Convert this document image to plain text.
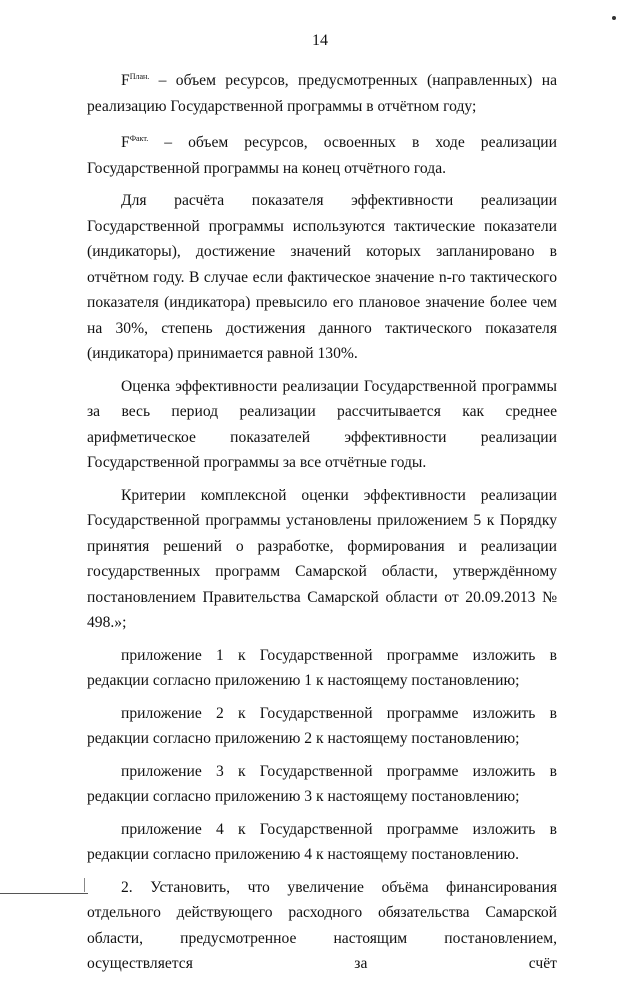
14

$F^{План.}$ – объем ресурсов, предусмотренных (направленных) на реализацию Государственной программы в отчётном году;

$F^{Факт.}$ – объем ресурсов, освоенных в ходе реализации Государственной программы на конец отчётного года.

Для расчёта показателя эффективности реализации Государственной программы используются тактические показатели (индикаторы), достижение значений которых запланировано в отчётном году. В случае если фактическое значение n-го тактического показателя (индикатора) превысило его плановое значение более чем на 30%, степень достижения данного тактического показателя (индикатора) принимается равной 130%.

Оценка эффективности реализации Государственной программы за весь период реализации рассчитывается как среднее арифметическое показателей эффективности реализации Государственной программы за все отчётные годы.

Критерии комплексной оценки эффективности реализации Государственной программы установлены приложением 5 к Порядку принятия решений о разработке, формирования и реализации государственных программ Самарской области, утверждённому постановлением Правительства Самарской области от 20.09.2013 № 498.»;

приложение 1 к Государственной программе изложить в редакции согласно приложению 1 к настоящему постановлению;

приложение 2 к Государственной программе изложить в редакции согласно приложению 2 к настоящему постановлению;

приложение 3 к Государственной программе изложить в редакции согласно приложению 3 к настоящему постановлению;

приложение 4 к Государственной программе изложить в редакции согласно приложению 4 к настоящему постановлению.

2. Установить, что увеличение объёма финансирования отдельного действующего расходного обязательства Самарской области, предусмотренное настоящим постановлением, осуществляется за счёт
